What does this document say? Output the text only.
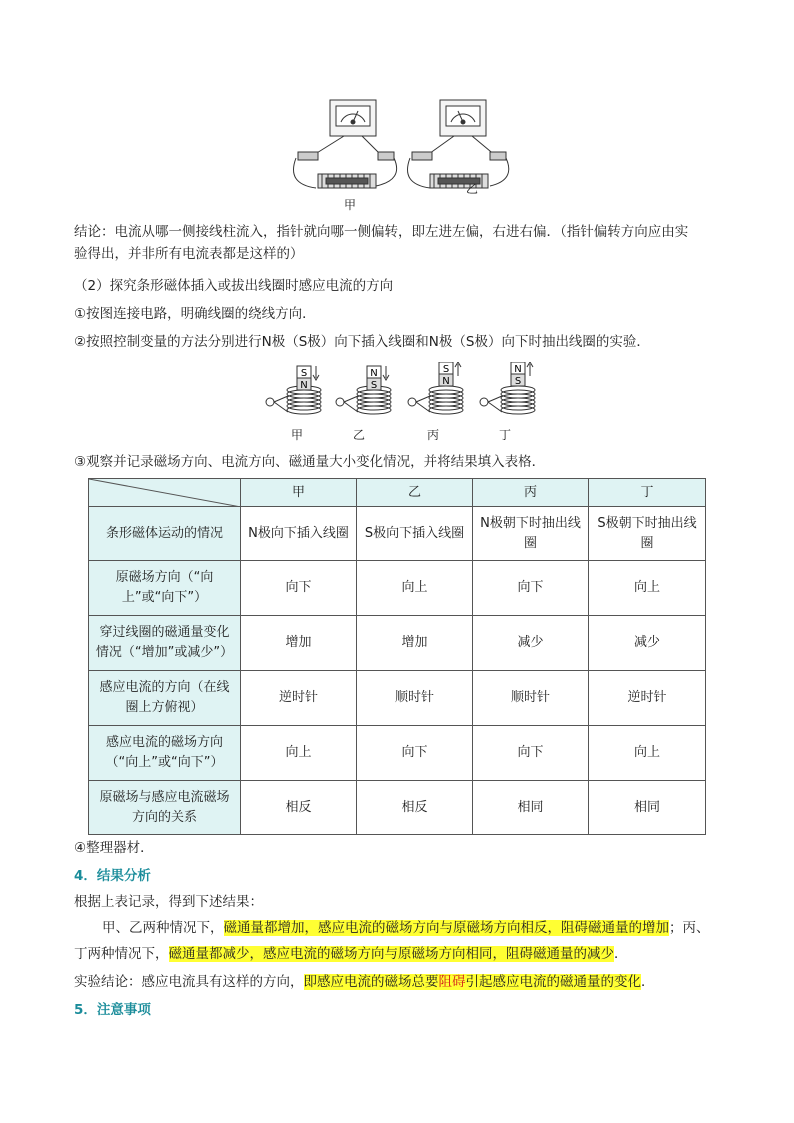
甲
乙
结论：电流从哪一侧接线柱流入，指针就向哪一侧偏转，即左进左偏，右进右偏．（指针偏转方向应由实
验得出，并非所有电流表都是这样的）
（2）探究条形磁体插入或拔出线圈时感应电流的方向
①按图连接电路，明确线圈的绕线方向．
②按照控制变量的方法分别进行N极（S极）向下插入线圈和N极（S极）向下时抽出线圈的实验．
S
N
N
S
S
N
N
S
甲	乙	丙	丁
③观察并记录磁场方向、电流方向、磁通量大小变化情况，并将结果填入表格．
	甲	乙	丙	丁
条形磁体运动的情况	N极向下插入线圈	S极向下插入线圈	N极朝下时抽出线圈	S极朝下时抽出线圈
原磁场方向（“向上”或“向下”）	向下	向上	向下	向上
穿过线圈的磁通量变化情况（“增加”或减少”）	增加	增加	减少	减少
感应电流的方向（在线圈上方俯视）	逆时针	顺时针	顺时针	逆时针
感应电流的磁场方向（“向上”或“向下”）	向上	向下	向下	向上
原磁场与感应电流磁场方向的关系	相反	相反	相同	相同
④整理器材．
4．结果分析
根据上表记录，得到下述结果：
甲、乙两种情况下，磁通量都增加，感应电流的磁场方向与原磁场方向相反，阻碍磁通量的增加；丙、
丁两种情况下，磁通量都减少，感应电流的磁场方向与原磁场方向相同，阻碍磁通量的减少．
实验结论：感应电流具有这样的方向，即感应电流的磁场总要阻碍引起感应电流的磁通量的变化．
5．注意事项
